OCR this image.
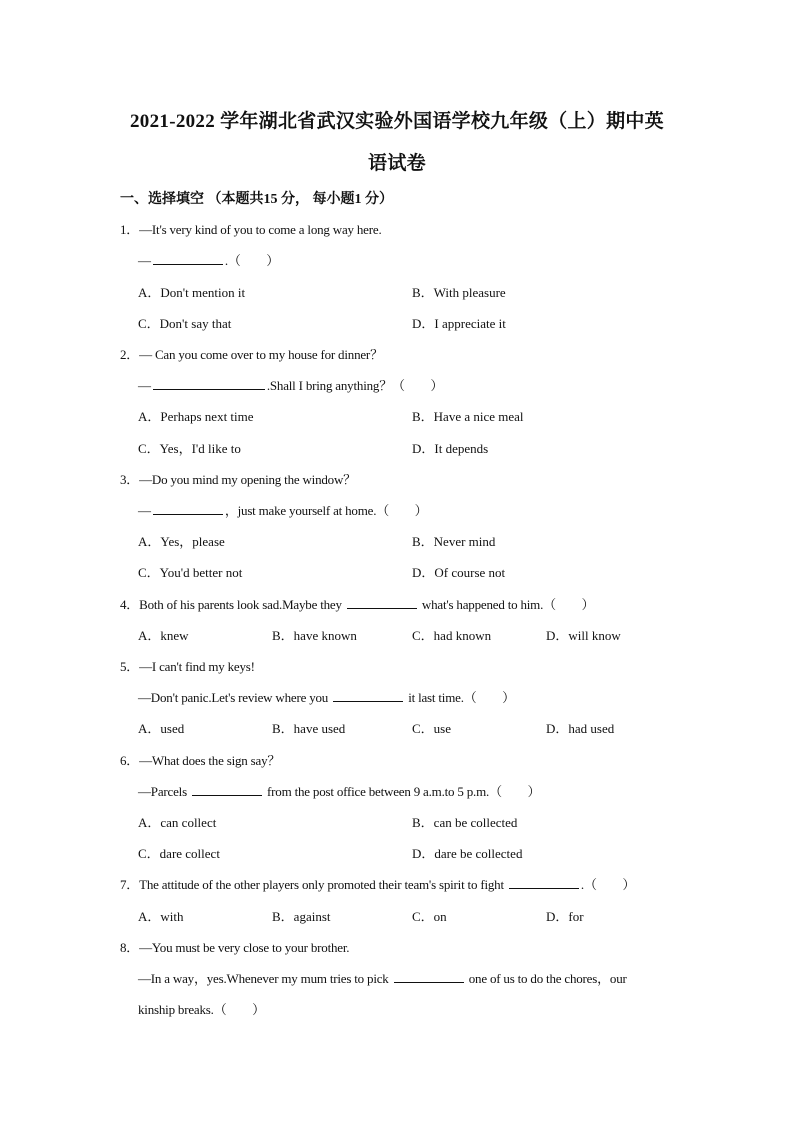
2021-2022 学年湖北省武汉实验外国语学校九年级（上）期中英
语试卷
一、选择填空 （本题共15 分， 每小题1 分）
1．—It's very kind of you to come a long way here.
—	.（　　）
A．Don't mention it	B．With pleasure
C．Don't say that	D．I appreciate it
2．— Can you come over to my house for dinner？
—	.Shall I bring anything？（　　）
A．Perhaps next time	B．Have a nice meal
C．Yes，I'd like to	D．It depends
3．—Do you mind my opening the window？
—	，just make yourself at home.（　　）
A．Yes，please	B．Never mind
C．You'd better not	D．Of course not
4．Both of his parents look sad.Maybe they	what's happened to him.（　　）
A．knew	B．have known	C．had known	D．will know
5．—I can't find my keys!
—Don't panic.Let's review where you	it last time.（　　）
A．used	B．have used	C．use	D．had used
6．—What does the sign say？
—Parcels	from the post office between 9 a.m.to 5 p.m.（　　）
A．can collect	B．can be collected
C．dare collect	D．dare be collected
7．The attitude of the other players only promoted their team's spirit to fight	.（　　）
A．with	B．against	C．on	D．for
8．—You must be very close to your brother.
—In a way，yes.Whenever my mum tries to pick	one of us to do the chores，our
kinship breaks.（　　）
